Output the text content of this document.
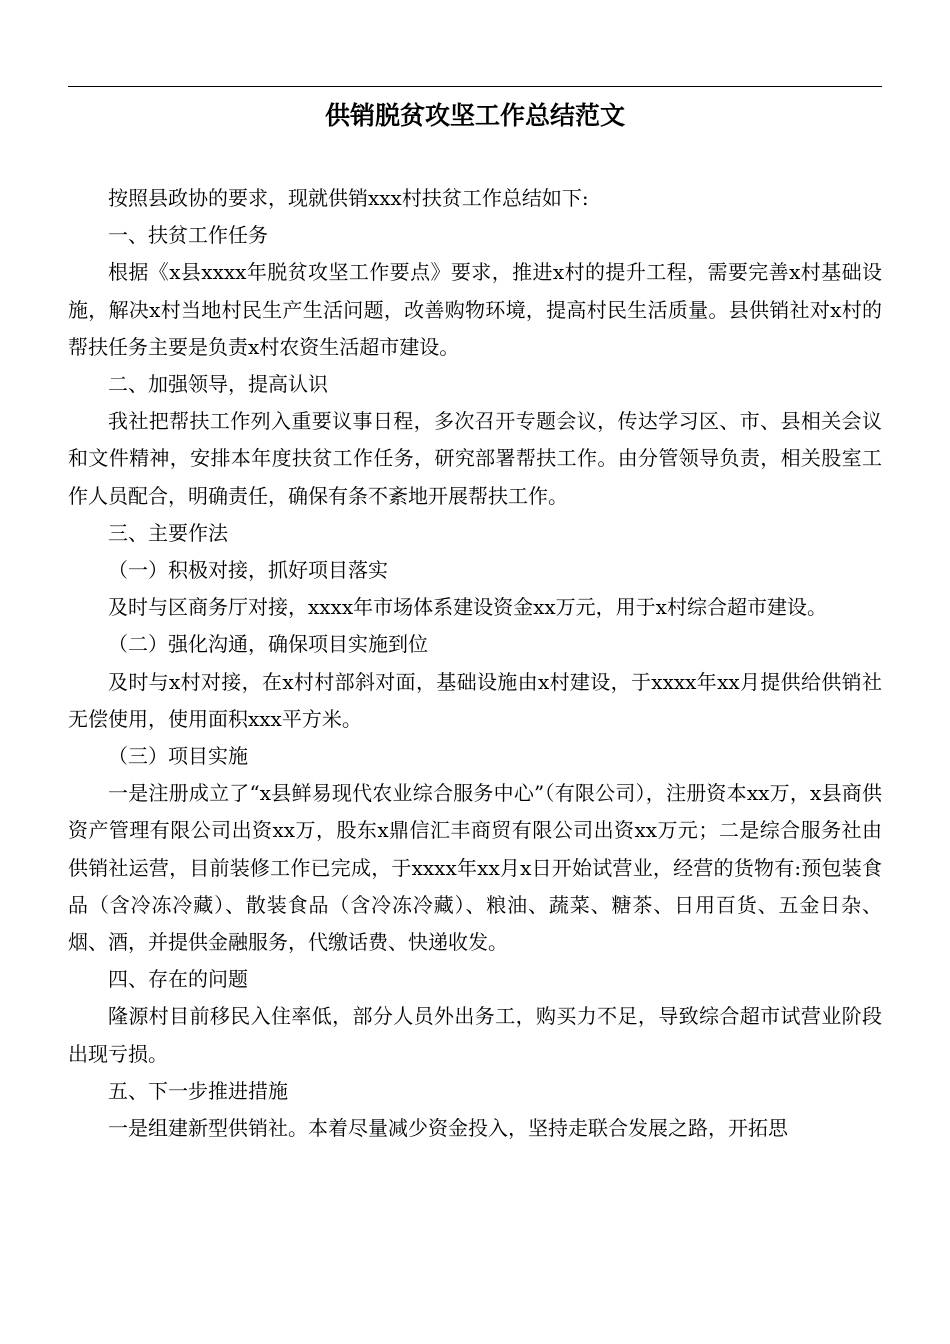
供销脱贫攻坚工作总结范文

按照县政协的要求，现就供销xxx村扶贫工作总结如下:

一、扶贫工作任务

根据《x县xxxx年脱贫攻坚工作要点》要求，推进x村的提升工程，需要完善x村基础设施，解决x村当地村民生产生活问题，改善购物环境，提高村民生活质量。县供销社对x村的帮扶任务主要是负责x村农资生活超市建设。

二、加强领导，提高认识

我社把帮扶工作列入重要议事日程，多次召开专题会议，传达学习区、市、县相关会议和文件精神，安排本年度扶贫工作任务，研究部署帮扶工作。由分管领导负责，相关股室工作人员配合，明确责任，确保有条不紊地开展帮扶工作。

三、主要作法

（一）积极对接，抓好项目落实

及时与区商务厅对接，xxxx年市场体系建设资金xx万元，用于x村综合超市建设。

（二）强化沟通，确保项目实施到位

及时与x村对接，在x村村部斜对面，基础设施由x村建设，于xxxx年xx月提供给供销社无偿使用，使用面积xxx平方米。

（三）项目实施

一是注册成立了“x县鲜易现代农业综合服务中心”（有限公司），注册资本xx万，x县商供资产管理有限公司出资xx万，股东x鼎信汇丰商贸有限公司出资xx万元；二是综合服务社由供销社运营，目前装修工作已完成，于xxxx年xx月x日开始试营业，经营的货物有:预包装食品（含冷冻冷藏）、散装食品（含冷冻冷藏）、粮油、蔬菜、糖茶、日用百货、五金日杂、烟、酒，并提供金融服务，代缴话费、快递收发。

四、存在的问题

隆源村目前移民入住率低，部分人员外出务工，购买力不足，导致综合超市试营业阶段出现亏损。

五、下一步推进措施

一是组建新型供销社。本着尽量减少资金投入，坚持走联合发展之路，开拓思
